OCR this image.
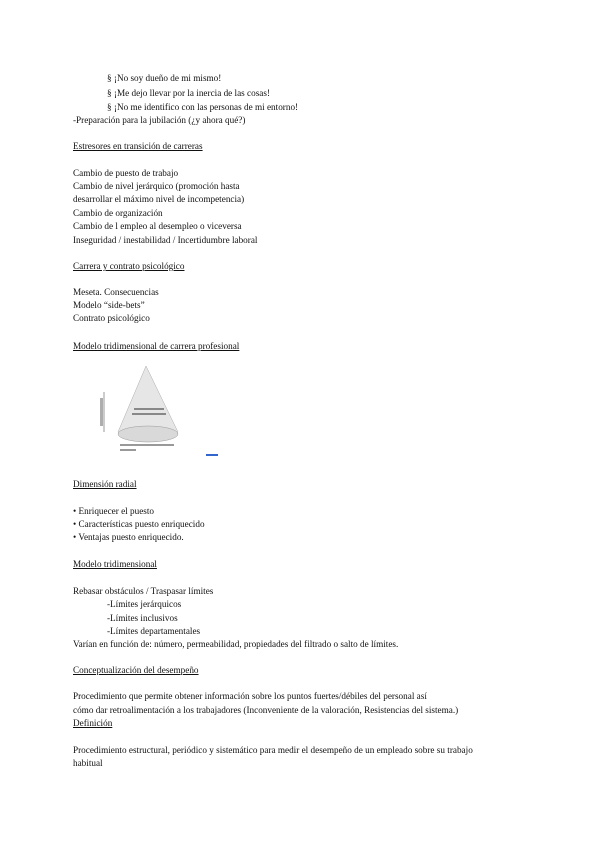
§ ¡No soy dueño de mi mismo!
§ ¡Me dejo llevar por la inercia de las cosas!
§ ¡No me identifico con las personas de mi entorno!
-Preparación para la jubilación (¿y ahora qué?)
Estresores en transición de carreras
Cambio de puesto de trabajo
Cambio de nivel jerárquico (promoción hasta
desarrollar el máximo nivel de incompetencia)
Cambio de organización
Cambio de l empleo al desempleo o viceversa
Inseguridad / inestabilidad / Incertidumbre laboral
Carrera y contrato psicológico
Meseta. Consecuencias
Modelo “side-bets”
Contrato psicológico
Modelo tridimensional de carrera profesional
Dimensión radial
• Enriquecer el puesto
• Características puesto enriquecido
• Ventajas puesto enriquecido.
Modelo tridimensional
Rebasar obstáculos / Traspasar límites
-Límites jerárquicos
-Límites inclusivos
-Límites departamentales
Varían en función de: número, permeabilidad, propiedades del filtrado o salto de límites.
Conceptualización del desempeño
Procedimiento que permite obtener información sobre los puntos fuertes/débiles del personal así
cómo dar retroalimentación a los trabajadores (Inconveniente de la valoración, Resistencias del sistema.)
Definición
Procedimiento estructural, periódico y sistemático para medir el desempeño de un empleado sobre su trabajo
habitual
